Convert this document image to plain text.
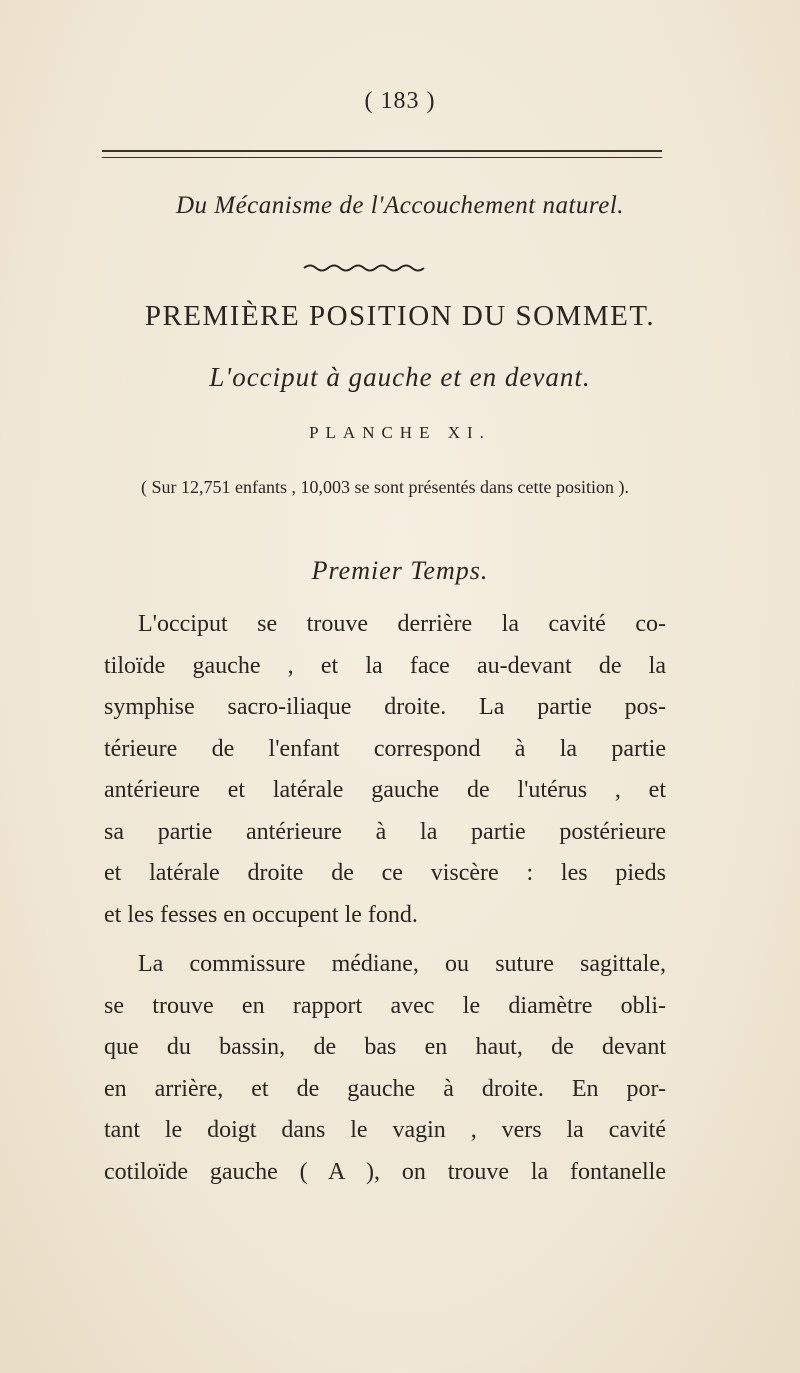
( 183 )
Du Mécanisme de l'Accouchement naturel.
PREMIÈRE POSITION DU SOMMET.
L'occiput à gauche et en devant.
PLANCHE XI.
( Sur 12,751 enfants , 10,003 se sont présentés dans cette position ).
Premier Temps.
L'occiput se trouve derrière la cavité co-
tiloïde gauche , et la face au-devant de la
symphise sacro-iliaque droite. La partie pos-
térieure de l'enfant correspond à la partie
antérieure et latérale gauche de l'utérus , et
sa partie antérieure à la partie postérieure
et latérale droite de ce viscère : les pieds
et les fesses en occupent le fond.
La commissure médiane, ou suture sagittale,
se trouve en rapport avec le diamètre obli-
que du bassin, de bas en haut, de devant
en arrière, et de gauche à droite. En por-
tant le doigt dans le vagin , vers la cavité
cotiloïde gauche ( A ), on trouve la fontanelle
